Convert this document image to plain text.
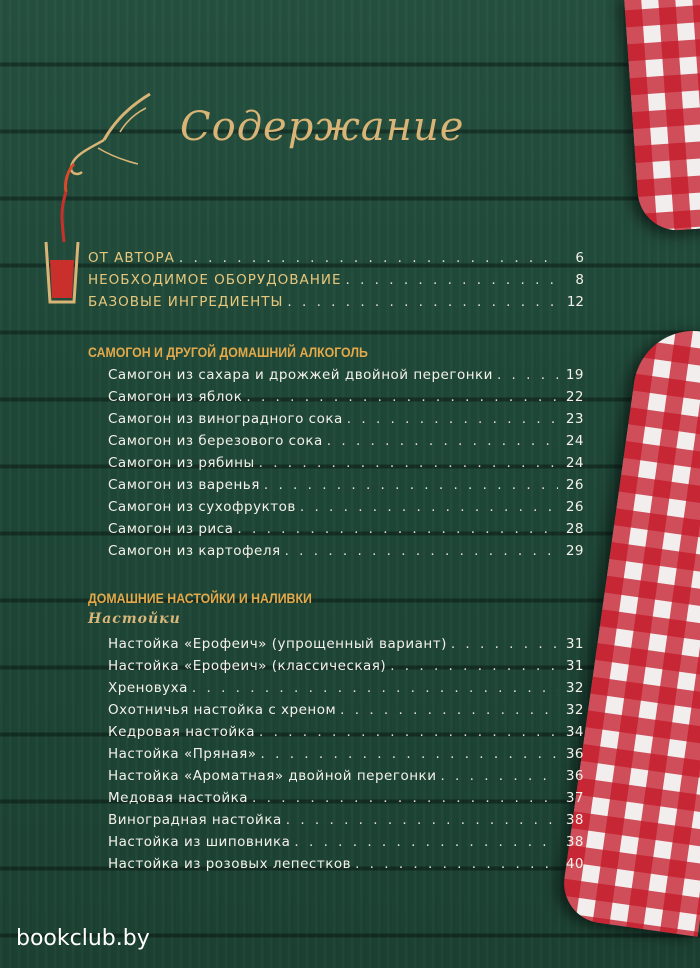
Содержание
ОТ АВТОРА . . .	6
НЕОБХОДИМОЕ ОБОРУДОВАНИЕ . . .	8
БАЗОВЫЕ ИНГРЕДИЕНТЫ . . .	12
САМОГОН И ДРУГОЙ ДОМАШНИЙ АЛКОГОЛЬ
Самогон из сахара и дрожжей двойной перегонки . . .	19
Самогон из яблок . . .	22
Самогон из виноградного сока . . .	23
Самогон из березового сока . . .	24
Самогон из рябины . . .	24
Самогон из варенья . . .	26
Самогон из сухофруктов . . .	26
Самогон из риса . . .	28
Самогон из картофеля . . .	29
ДОМАШНИЕ НАСТОЙКИ И НАЛИВКИ
Настойки
Настойка «Ерофеич» (упрощенный вариант) . . .	31
Настойка «Ерофеич» (классическая) . . .	31
Хреновуха . . .	32
Охотничья настойка с хреном . . .	32
Кедровая настойка . . .	34
Настойка «Пряная» . . .	36
Настойка «Ароматная» двойной перегонки . . .	36
Медовая настойка . . .	37
Виноградная настойка . . .	38
Настойка из шиповника . . .	38
Настойка из розовых лепестков . . .	40
bookclub.by
